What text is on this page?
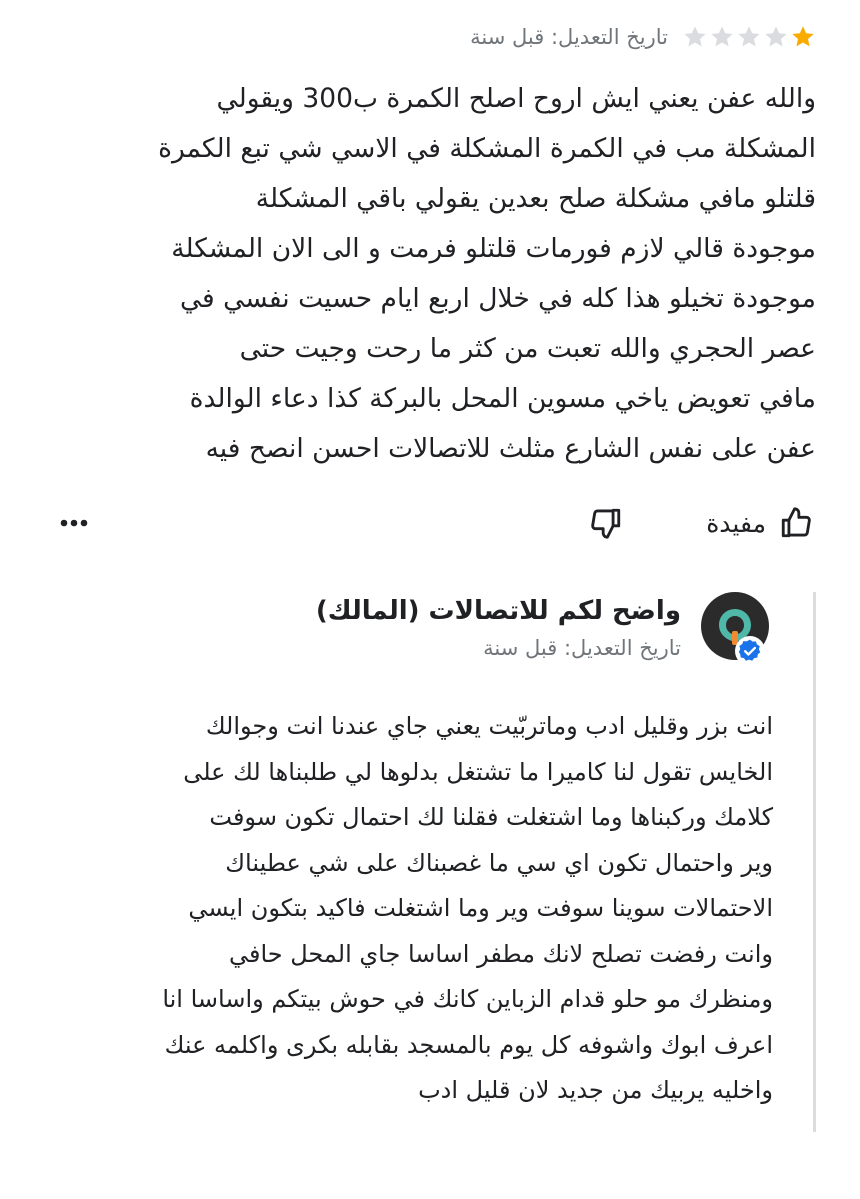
تاريخ التعديل: قبل سنة

والله عفن يعني ايش اروح اصلح الكمرة ب300 ويقولي
المشكلة مب في الكمرة المشكلة في الاسي شي تبع الكمرة
قلتلو مافي مشكلة صلح بعدين يقولي باقي المشكلة
موجودة قالي لازم فورمات قلتلو فرمت و الى الان المشكلة
موجودة تخيلو هذا كله في خلال اربع ايام حسيت نفسي في
عصر الحجري والله تعبت من كثر ما رحت وجيت حتى
مافي تعويض ياخي مسوين المحل بالبركة كذا دعاء الوالدة
عفن على نفس الشارع مثلث للاتصالات احسن انصح فيه

مفيدة
واضح لكم للاتصالات (المالك)
تاريخ التعديل: قبل سنة

انت بزر وقليل ادب وماتربّيت يعني جاي عندنا انت وجوالك
الخايس تقول لنا كاميرا ما تشتغل بدلوها لي طلبناها لك على
كلامك وركبناها وما اشتغلت فقلنا لك احتمال تكون سوفت
وير واحتمال تكون اي سي ما غصبناك على شي عطيناك
الاحتمالات سوينا سوفت وير وما اشتغلت فاكيد بتكون ايسي
وانت رفضت تصلح لانك مطفر اساسا جاي المحل حافي
ومنظرك مو حلو قدام الزباين كانك في حوش بيتكم واساسا انا
اعرف ابوك واشوفه كل يوم بالمسجد بقابله بكرى واكلمه عنك
واخليه يربيك من جديد لان قليل ادب
